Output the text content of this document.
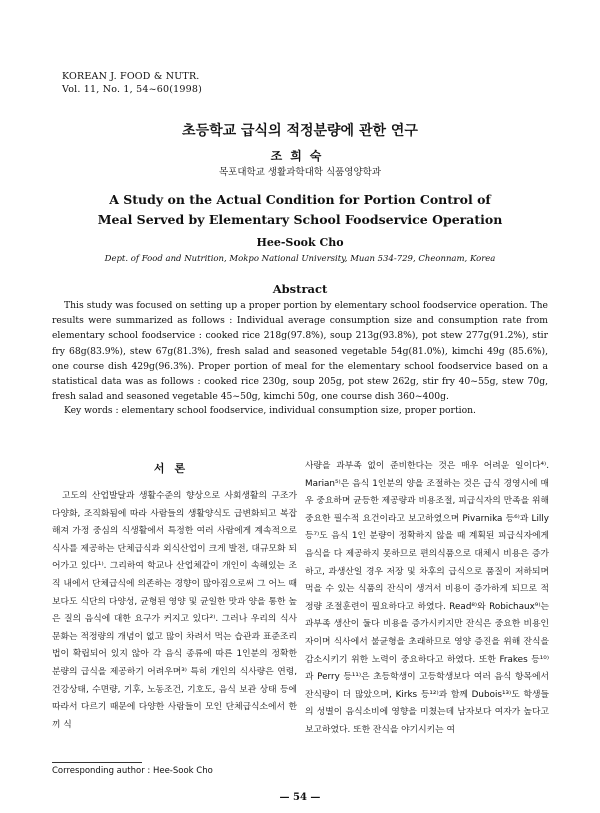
KOREAN J. FOOD & NUTR.
Vol. 11, No. 1, 54~60(1998)
초등학교 급식의 적정분량에 관한 연구
조희숙
목포대학교 생활과학대학 식품영양학과
A Study on the Actual Condition for Portion Control of
Meal Served by Elementary School Foodservice Operation
Hee-Sook Cho
Dept. of Food and Nutrition, Mokpo National University, Muan 534-729, Cheonnam, Korea
Abstract
This study was focused on setting up a proper portion by elementary school foodservice operation. The results were summarized as follows : Individual average consumption size and consumption rate from elementary school foodservice : cooked rice 218g(97.8%), soup 213g(93.8%), pot stew 277g(91.2%), stir fry 68g(83.9%), stew 67g(81.3%), fresh salad and seasoned vegetable 54g(81.0%), kimchi 49g (85.6%), one course dish 429g(96.3%). Proper portion of meal for the elementary school foodservice based on a statistical data was as follows : cooked rice 230g, soup 205g, pot stew 262g, stir fry 40~55g, stew 70g, fresh salad and seasoned vegetable 45~50g, kimchi 50g, one course dish 360~400g.
Key words : elementary school foodservice, individual consumption size, proper portion.
서론
고도의 산업발달과 생활수준의 향상으로 사회생활의 구조가 다양화, 조직화됨에 따라 사람들의 생활양식도 급변화되고 복잡해져 가정 중심의 식생활에서 특정한 여러 사람에게 계속적으로 식사를 제공하는 단체급식과 외식산업이 크게 발전, 대규모화 되어가고 있다¹⁾. 그리하여 학교나 산업체같이 개인이 속해있는 조직 내에서 단체급식에 의존하는 경향이 많아짐으로써 그 어느 때보다도 식단의 다양성, 균형된 영양 및 균일한 맛과 양을 통한 높은 질의 음식에 대한 요구가 커지고 있다²⁾. 그러나 우리의 식사 문화는 적정량의 개념이 없고 많이 차려서 먹는 습관과 표준조리법이 확립되어 있지 않아 각 음식 종류에 따른 1인분의 정확한 분량의 급식을 제공하기 어려우며³⁾ 특히 개인의 식사량은 연령, 건강상태, 수면량, 기후, 노동조건, 기호도, 음식 보관 상태 등에 따라서 다르기 때문에 다양한 사람들이 모인 단체급식소에서 한끼 식
사량을 과부족 없이 준비한다는 것은 매우 어려운 일이다⁴⁾. Marian⁵⁾은 음식 1인분의 양을 조절하는 것은 급식 경영시에 매우 중요하며 균등한 제공량과 비용조절, 피급식자의 만족을 위해 중요한 필수적 요건이라고 보고하였으며 Pivarnika 등⁶⁾과 Lilly 등⁷⁾도 음식 1인 분량이 정확하지 않을 때 계획된 피급식자에게 음식을 다 제공하지 못하므로 편의식품으로 대체시 비용은 증가하고, 과생산일 경우 저장 및 차후의 급식으로 품질이 저하되며 먹을 수 있는 식품의 잔식이 생겨서 비용이 증가하게 되므로 적정량 조절훈련이 필요하다고 하였다. Read⁸⁾와 Robichaux⁹⁾는 과부족 생산이 둘다 비용을 증가시키지만 잔식은 중요한 비용인자이며 식사에서 불균형을 초래하므로 영양 증진을 위해 잔식을 감소시키기 위한 노력이 중요하다고 하였다. 또한 Frakes 등¹⁰⁾과 Perry 등¹¹⁾은 초등학생이 고등학생보다 여러 음식 항목에서 잔식량이 더 많았으며, Kirks 등¹²⁾과 함께 Dubois¹³⁾도 학생들의 성별이 음식소비에 영향을 미쳤는데 남자보다 여자가 높다고 보고하였다. 또한 잔식을 야기시키는 여
Corresponding author : Hee-Sook Cho
— 54 —
